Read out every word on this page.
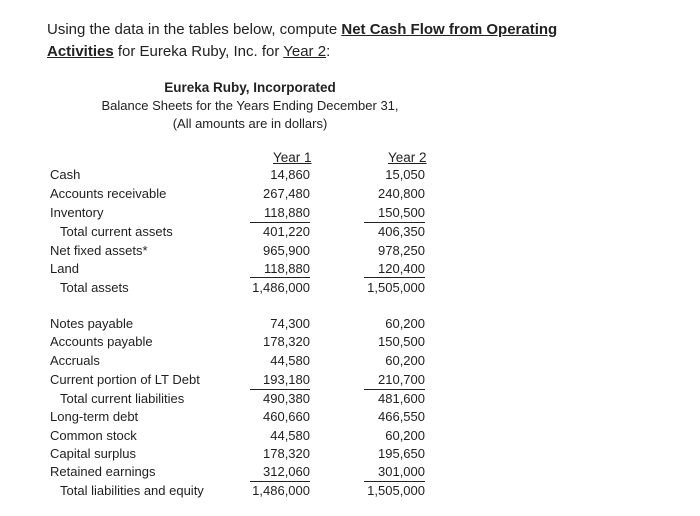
Using the data in the tables below, compute Net Cash Flow from Operating
Activities for Eureka Ruby, Inc. for Year 2:
Eureka Ruby, Incorporated
Balance Sheets for the Years Ending December 31,
(All amounts are in dollars)
Year 1	Year 2
Cash	14,860	15,050
Accounts receivable	267,480	240,800
Inventory	118,880	150,500
Total current assets	401,220	406,350
Net fixed assets*	965,900	978,250
Land	118,880	120,400
Total assets	1,486,000	1,505,000
Notes payable	74,300	60,200
Accounts payable	178,320	150,500
Accruals	44,580	60,200
Current portion of LT Debt	193,180	210,700
Total current liabilities	490,380	481,600
Long-term debt	460,660	466,550
Common stock	44,580	60,200
Capital surplus	178,320	195,650
Retained earnings	312,060	301,000
Total liabilities and equity	1,486,000	1,505,000
